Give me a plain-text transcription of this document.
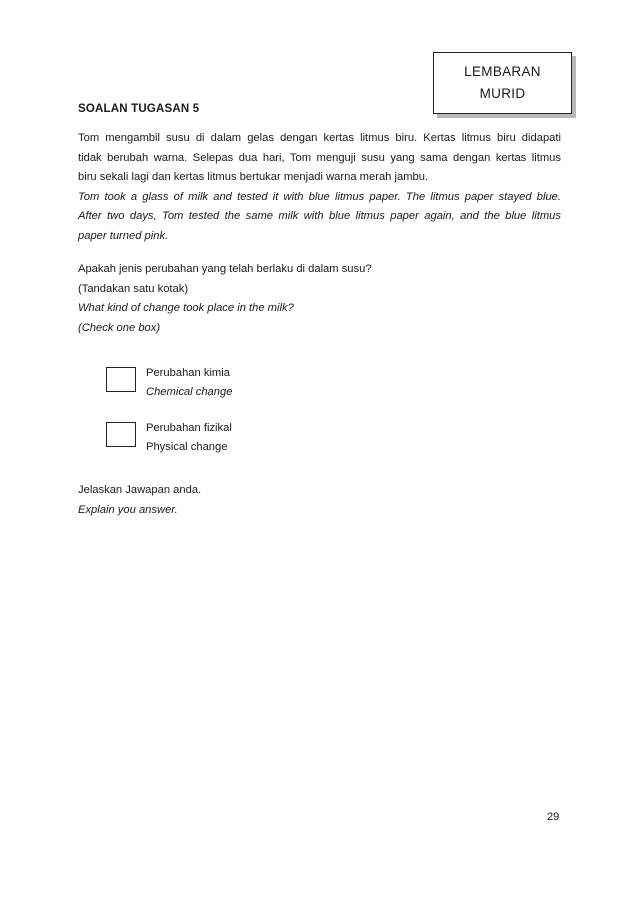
LEMBARAN
MURID
SOALAN TUGASAN 5
Tom mengambil susu di dalam gelas dengan kertas litmus biru. Kertas litmus biru didapati
tidak berubah warna. Selepas dua hari, Tom menguji susu yang sama dengan kertas litmus
biru sekali lagi dan kertas litmus bertukar menjadi warna merah jambu.
Tom took a glass of milk and tested it with blue litmus paper. The litmus paper stayed blue.
After two days, Tom tested the same milk with blue litmus paper again, and the blue litmus
paper turned pink.
Apakah jenis perubahan yang telah berlaku di dalam susu?
(Tandakan satu kotak)
What kind of change took place in the milk?
(Check one box)
Perubahan kimia
Chemical change
Perubahan fizikal
Physical change
Jelaskan Jawapan anda.
Explain you answer.
29
